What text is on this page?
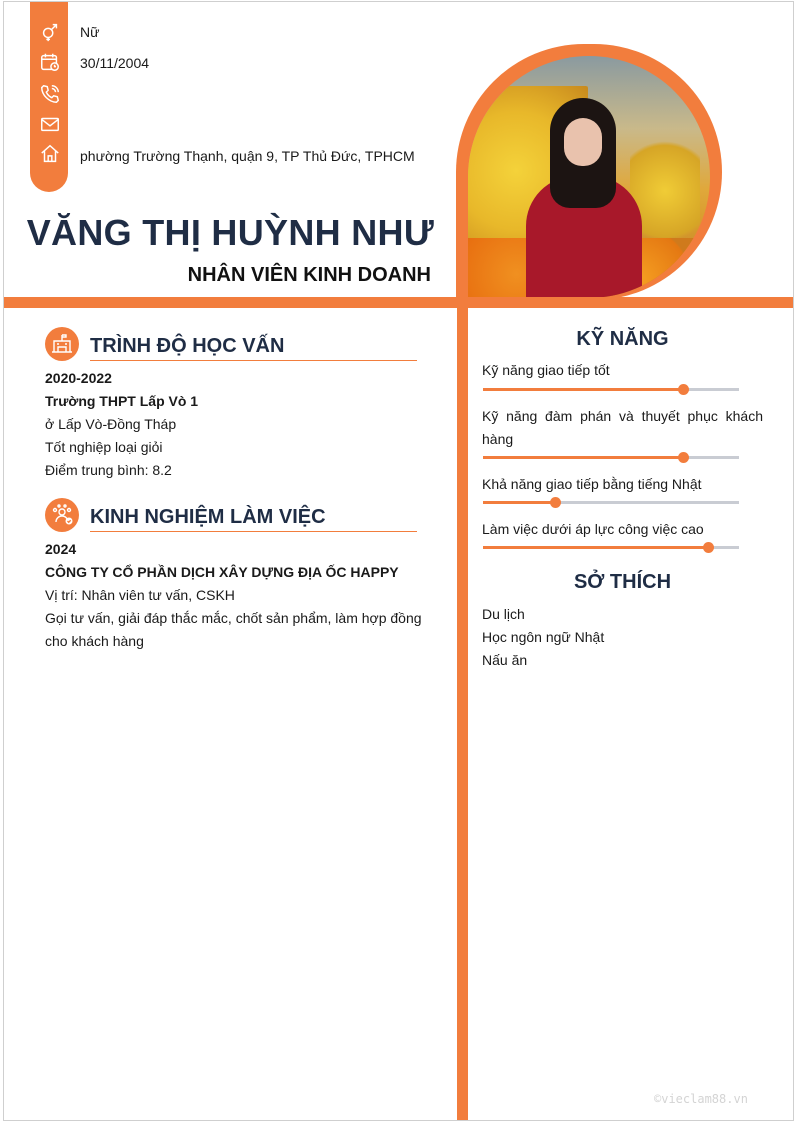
Nữ
30/11/2004
phường Trường Thạnh, quận 9, TP Thủ Đức, TPHCM
VĂNG THỊ HUỲNH NHƯ
NHÂN VIÊN KINH DOANH
TRÌNH ĐỘ HỌC VẤN
2020-2022
Trường THPT Lấp Vò 1
ở Lấp Vò-Đồng Tháp
Tốt nghiệp loại giỏi
Điểm trung bình: 8.2
KINH NGHIỆM LÀM VIỆC
2024
CÔNG TY CỔ PHẦN DỊCH XÂY DỰNG ĐỊA ỐC HAPPY
Vị trí: Nhân viên tư vấn, CSKH
Gọi tư vấn, giải đáp thắc mắc, chốt sản phẩm, làm hợp đồng
cho khách hàng
KỸ NĂNG
Kỹ năng giao tiếp tốt
Kỹ năng đàm phán và thuyết phục khách hàng
Khả năng giao tiếp bằng tiếng Nhật
Làm việc dưới áp lực công việc cao
SỞ THÍCH
Du lịch
Học ngôn ngữ Nhật
Nấu ăn
©vieclam88.vn
